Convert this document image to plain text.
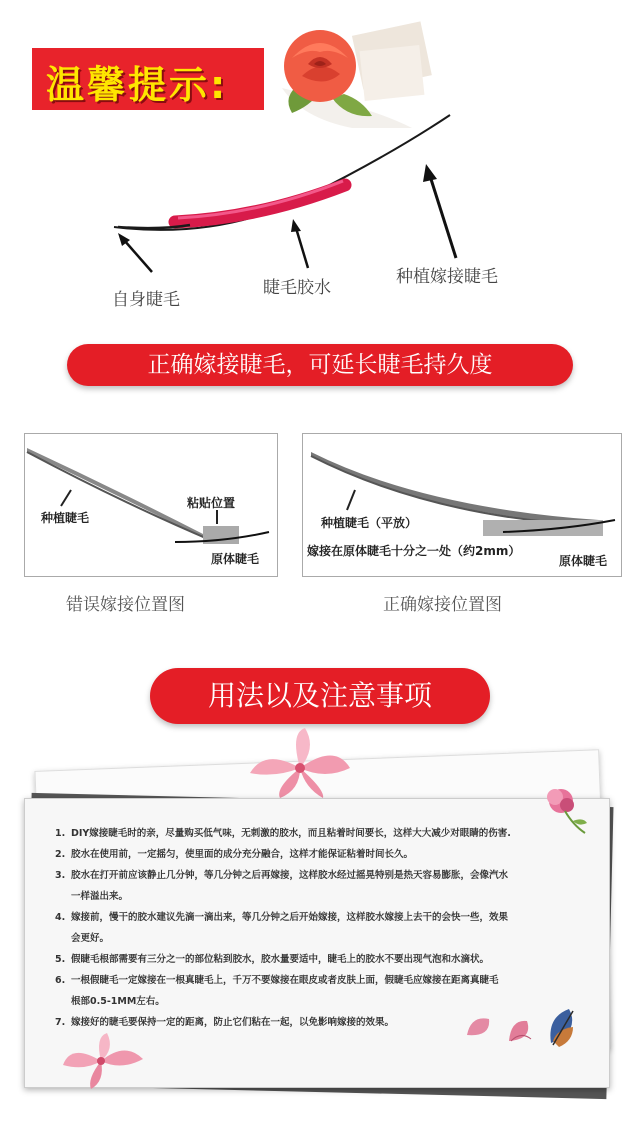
温馨提示:
自身睫毛
睫毛胶水
种植嫁接睫毛
正确嫁接睫毛，可延长睫毛持久度
种植睫毛
粘贴位置
原体睫毛
错误嫁接位置图
种植睫毛（平放）
嫁接在原体睫毛十分之一处（约2mm）
原体睫毛
正确嫁接位置图
用法以及注意事项
1. DIY嫁接睫毛时的亲，尽量购买低气味，无刺激的胶水，而且粘着时间要长，这样大大减少对眼睛的伤害.
2. 胶水在使用前，一定摇匀，使里面的成分充分融合，这样才能保证粘着时间长久。
3. 胶水在打开前应该静止几分钟，等几分钟之后再嫁接，这样胶水经过摇晃特别是热天容易膨胀，会像汽水
一样溢出来。
4. 嫁接前，慢干的胶水建议先滴一滴出来，等几分钟之后开始嫁接，这样胶水嫁接上去干的会快一些，效果
会更好。
5. 假睫毛根部需要有三分之一的部位粘到胶水，胶水量要适中，睫毛上的胶水不要出现气泡和水滴状。
6. 一根假睫毛一定嫁接在一根真睫毛上，千万不要嫁接在眼皮或者皮肤上面，假睫毛应嫁接在距离真睫毛
根部0.5-1MM左右。
7. 嫁接好的睫毛要保持一定的距离，防止它们粘在一起，以免影响嫁接的效果。
